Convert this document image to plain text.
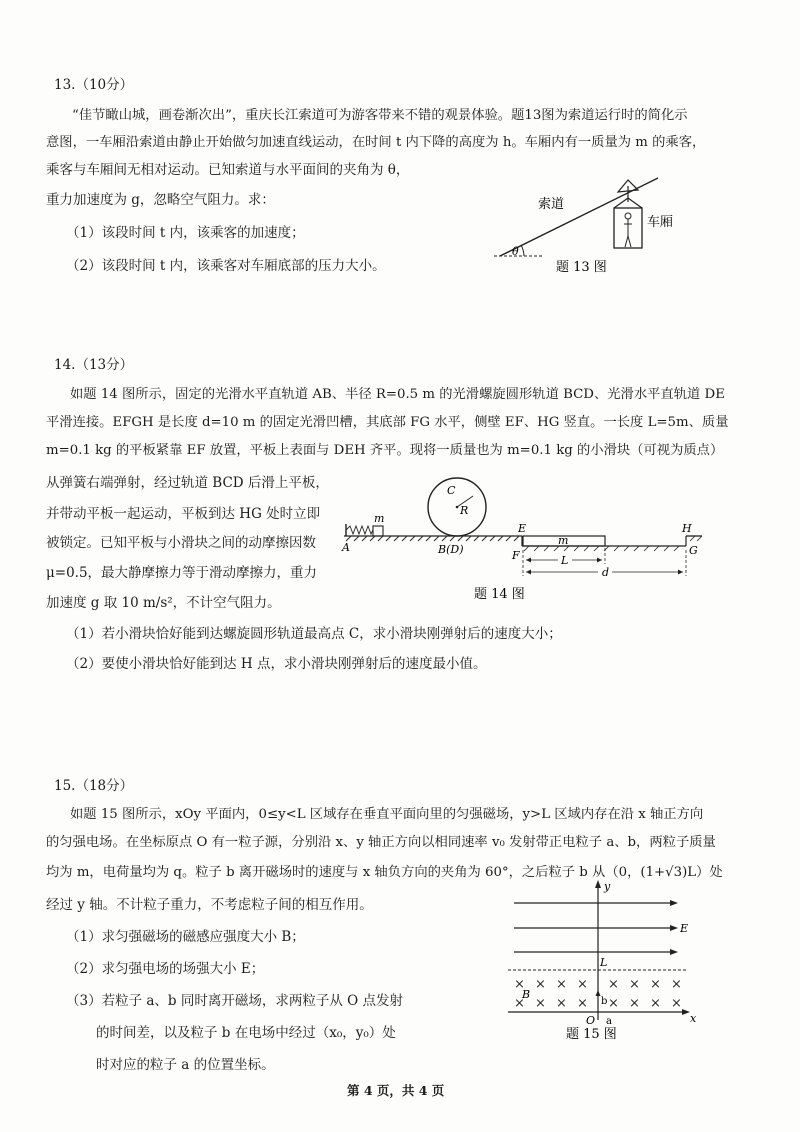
13.（10分）
“佳节瞰山城，画卷渐次出”，重庆长江索道可为游客带来不错的观景体验。题13图为索道运行时的简化示
意图，一车厢沿索道由静止开始做匀加速直线运动，在时间 t 内下降的高度为 h。车厢内有一质量为 m 的乘客，
乘客与车厢间无相对运动。已知索道与水平面间的夹角为 θ，
重力加速度为 g，忽略空气阻力。求：
（1）该段时间 t 内，该乘客的加速度；
（2）该段时间 t 内，该乘客对车厢底部的压力大小。
索道
车厢
θ
题 13 图
14.（13分）
如题 14 图所示，固定的光滑水平直轨道 AB、半径 R=0.5 m 的光滑螺旋圆形轨道 BCD、光滑水平直轨道 DE
平滑连接。EFGH 是长度 d=10 m 的固定光滑凹槽，其底部 FG 水平，侧壁 EF、HG 竖直。一长度 L=5m、质量
m=0.1 kg 的平板紧靠 EF 放置，平板上表面与 DEH 齐平。现将一质量也为 m=0.1 kg 的小滑块（可视为质点）
从弹簧右端弹射，经过轨道 BCD 后滑上平板，
并带动平板一起运动，平板到达 HG 处时立即
被锁定。已知平板与小滑块之间的动摩擦因数
μ=0.5，最大静摩擦力等于滑动摩擦力，重力
加速度 g 取 10 m/s²，不计空气阻力。
（1）若小滑块恰好能到达螺旋圆形轨道最高点 C，求小滑块刚弹射后的速度大小；
（2）要使小滑块恰好能到达 H 点，求小滑块刚弹射后的速度最小值。
m
A
C
R
B(D)
m
E
F
H
G
L
d
题 14 图
15.（18分）
如题 15 图所示，xOy 平面内，0≤y<L 区域存在垂直平面向里的匀强磁场，y>L 区域内存在沿 x 轴正方向
的匀强电场。在坐标原点 O 有一粒子源，分别沿 x、y 轴正方向以相同速率 v₀ 发射带正电粒子 a、b，两粒子质量
均为 m，电荷量均为 q。粒子 b 离开磁场时的速度与 x 轴负方向的夹角为 60°，之后粒子 b 从（0，(1+√3)L）处
经过 y 轴。不计粒子重力，不考虑粒子间的相互作用。
（1）求匀强磁场的磁感应强度大小 B；
（2）求匀强电场的场强大小 E；
（3）若粒子 a、b 同时离开磁场，求两粒子从 O 点发射
的时间差，以及粒子 b 在电场中经过（x₀，y₀）处
时对应的粒子 a 的位置坐标。
y
x
E
L
× × × × × × × ×
× × × × × × × ×
B
b
a
O
题 15 图
第 4 页，共 4 页
